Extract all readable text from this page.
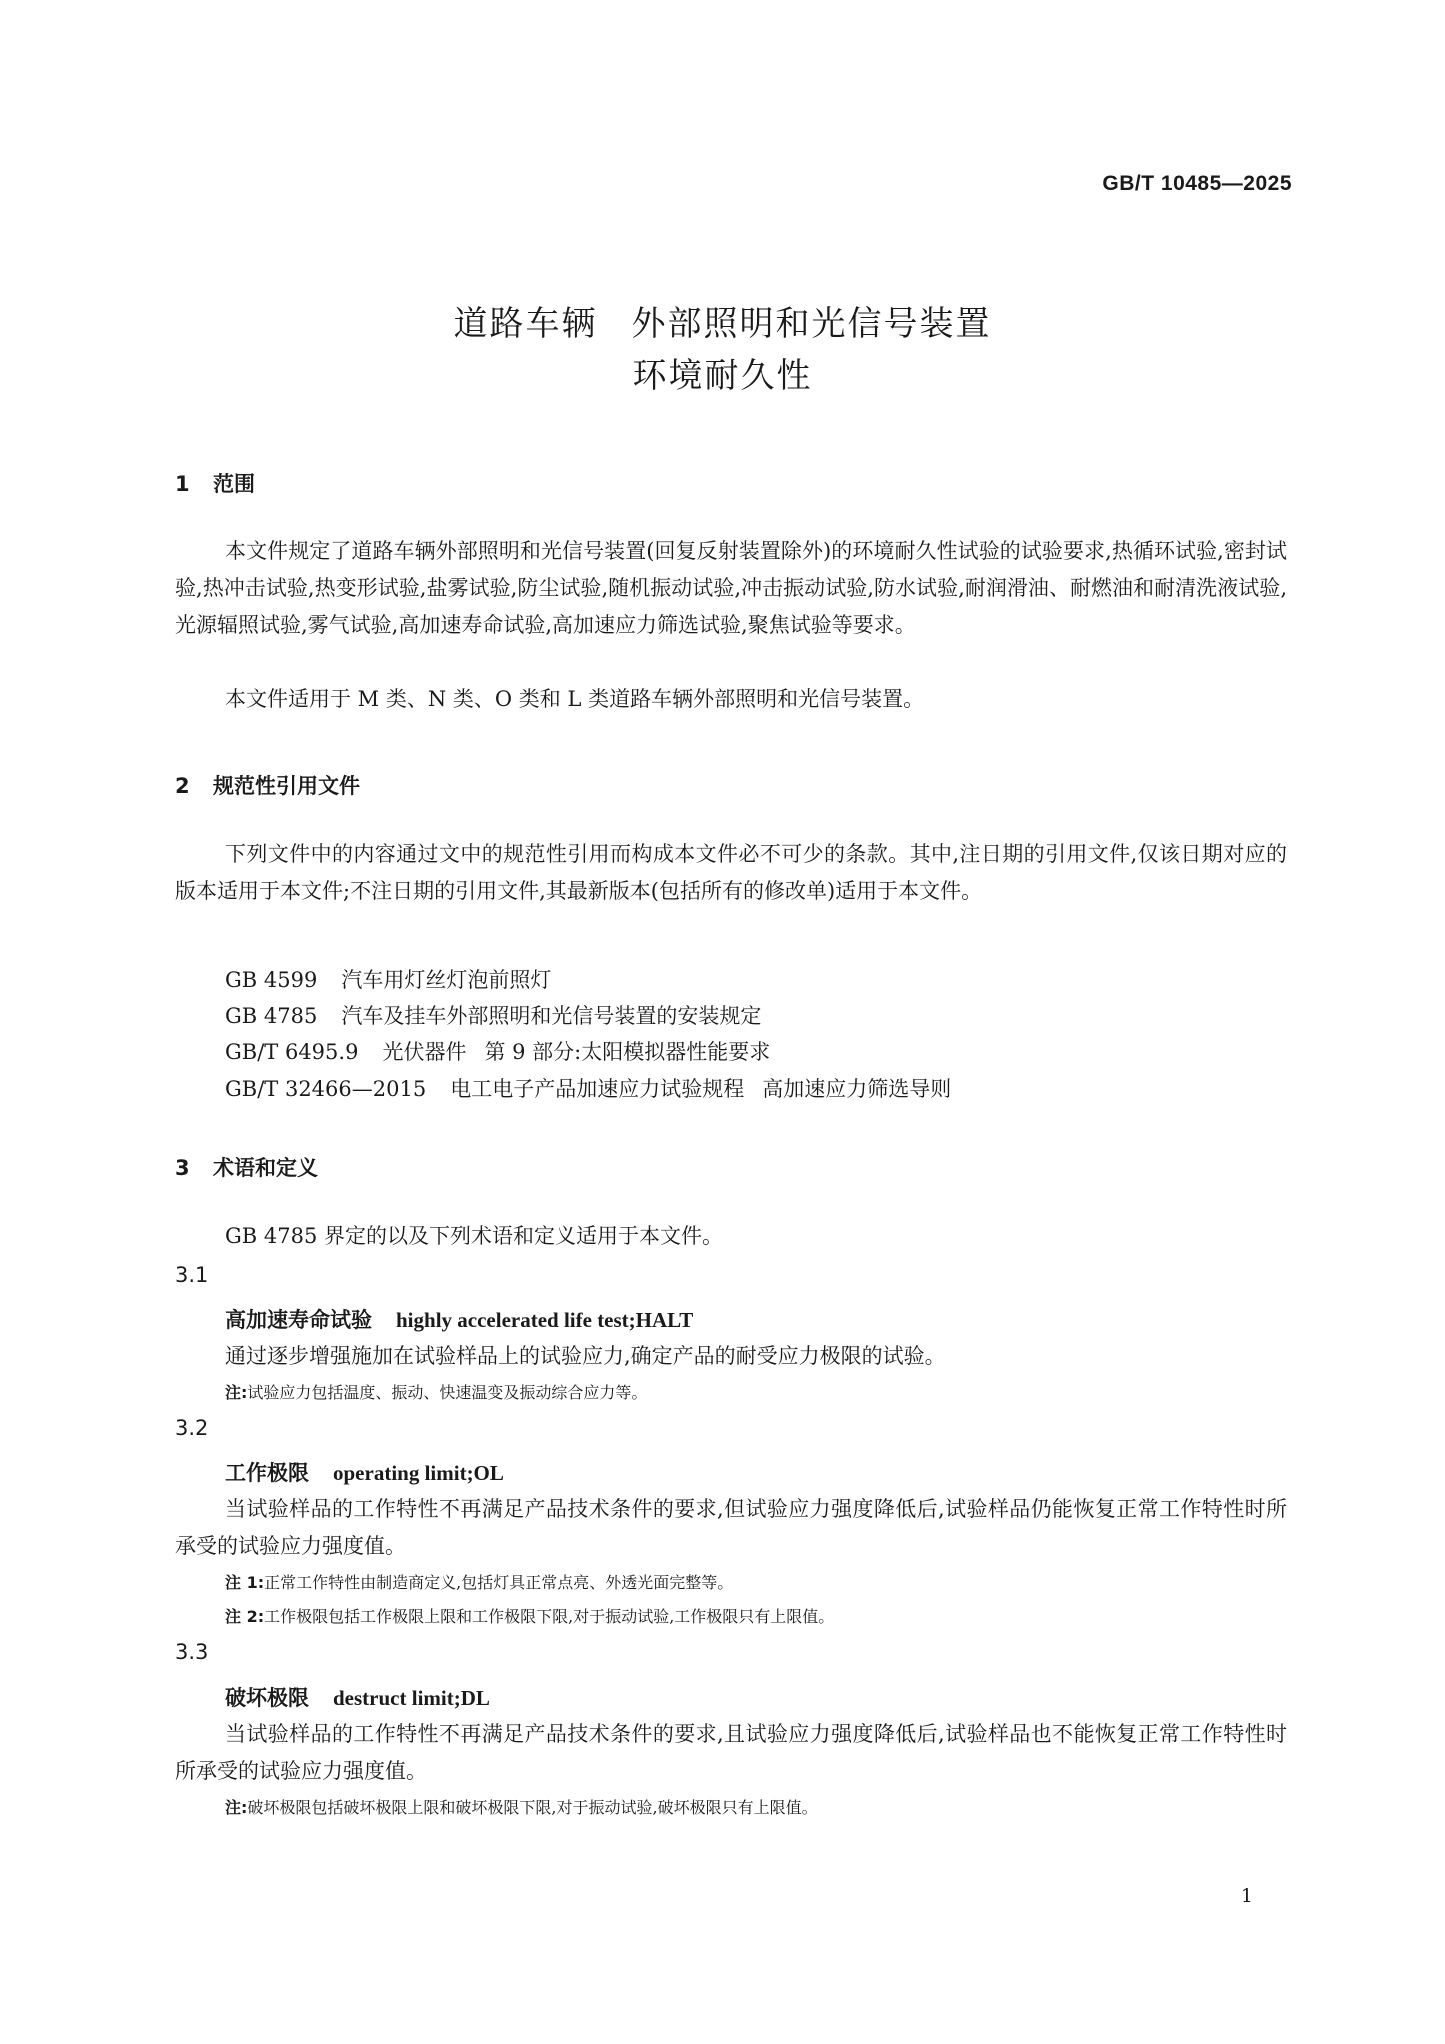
GB/T 10485—2025
道路车辆 外部照明和光信号装置
环境耐久性
1 范围

本文件规定了道路车辆外部照明和光信号装置(回复反射装置除外)的环境耐久性试验的试验要求,热循环试验,密封试验,热冲击试验,热变形试验,盐雾试验,防尘试验,随机振动试验,冲击振动试验,防水试验,耐润滑油、耐燃油和耐清洗液试验,光源辐照试验,雾气试验,高加速寿命试验,高加速应力筛选试验,聚焦试验等要求。

本文件适用于 M 类、N 类、O 类和 L 类道路车辆外部照明和光信号装置。

2 规范性引用文件

下列文件中的内容通过文中的规范性引用而构成本文件必不可少的条款。其中,注日期的引用文件,仅该日期对应的版本适用于本文件;不注日期的引用文件,其最新版本(包括所有的修改单)适用于本文件。

GB 4599 汽车用灯丝灯泡前照灯
GB 4785 汽车及挂车外部照明和光信号装置的安装规定
GB/T 6495.9 光伏器件 第 9 部分:太阳模拟器性能要求
GB/T 32466—2015 电工电子产品加速应力试验规程 高加速应力筛选导则
3 术语和定义
GB 4785 界定的以及下列术语和定义适用于本文件。
3.1
高加速寿命试验 highly accelerated life test;HALT

通过逐步增强施加在试验样品上的试验应力,确定产品的耐受应力极限的试验。

注:试验应力包括温度、振动、快速温变及振动综合应力等。
3.2
工作极限 operating limit;OL

当试验样品的工作特性不再满足产品技术条件的要求,但试验应力强度降低后,试验样品仍能恢复正常工作特性时所承受的试验应力强度值。

注 1:正常工作特性由制造商定义,包括灯具正常点亮、外透光面完整等。
注 2:工作极限包括工作极限上限和工作极限下限,对于振动试验,工作极限只有上限值。
3.3
破坏极限 destruct limit;DL

当试验样品的工作特性不再满足产品技术条件的要求,且试验应力强度降低后,试验样品也不能恢复正常工作特性时所承受的试验应力强度值。

注:破坏极限包括破坏极限上限和破坏极限下限,对于振动试验,破坏极限只有上限值。
1
